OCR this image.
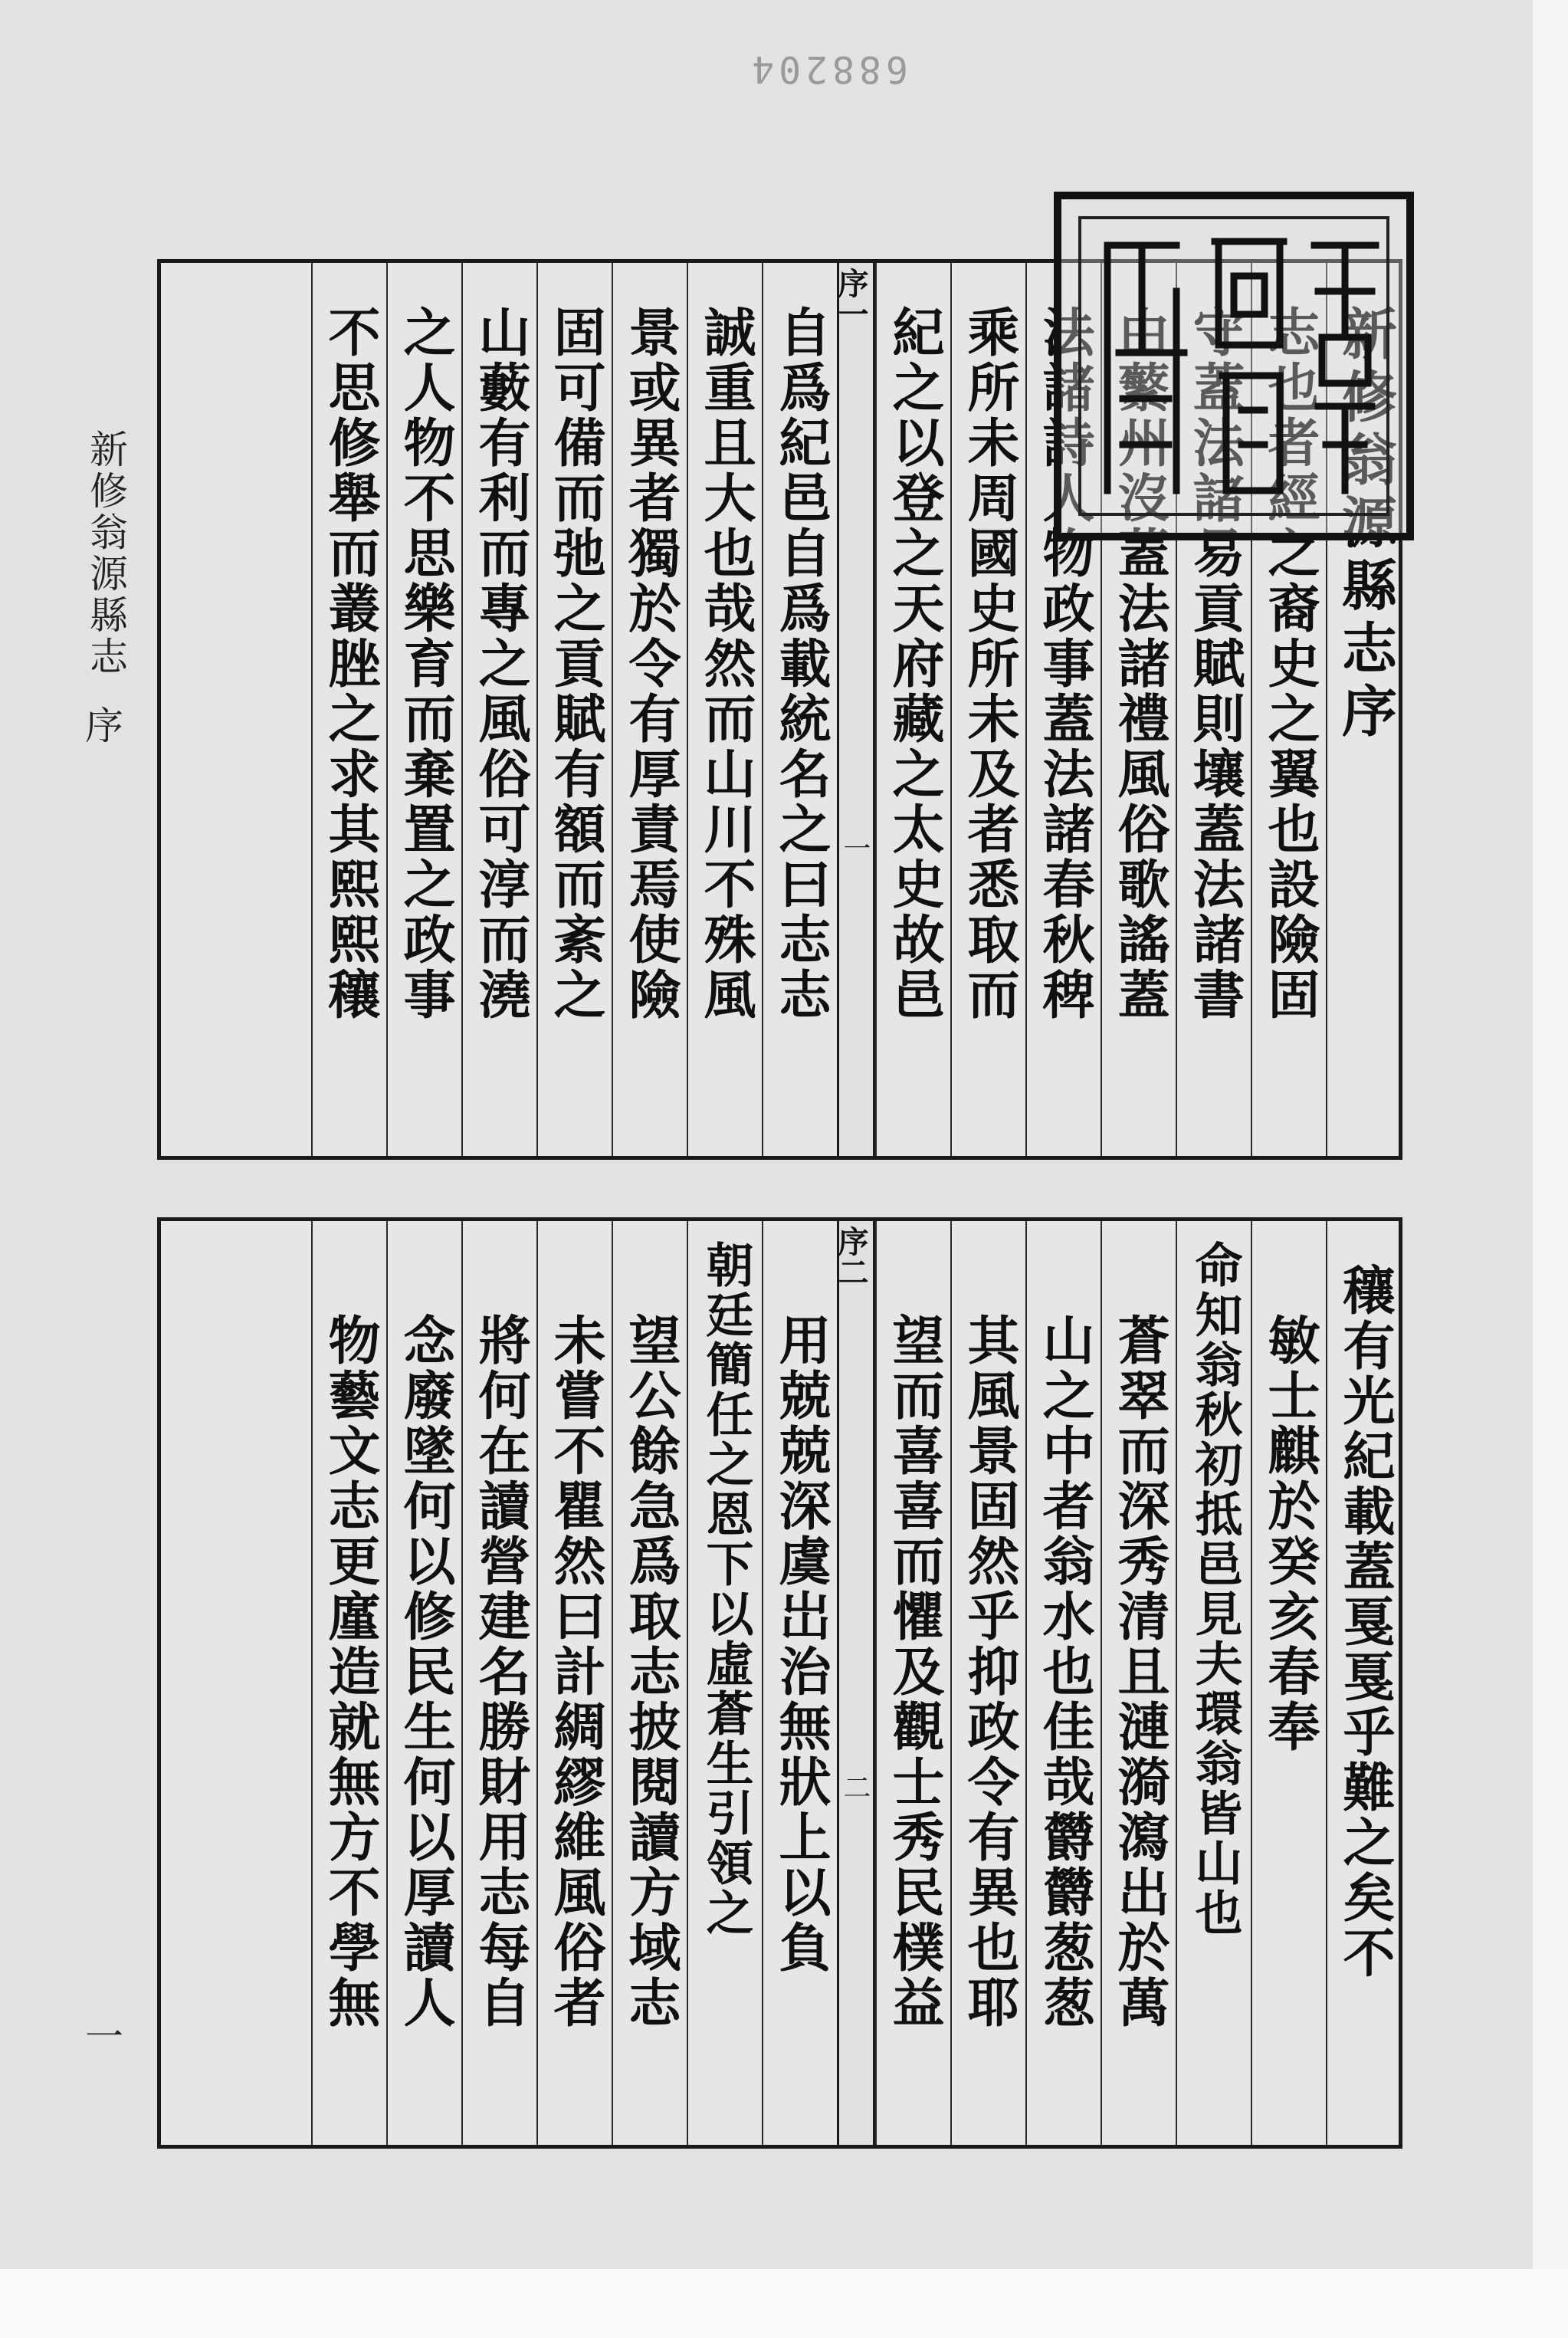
688204
新修翁源縣志
序
一
新修翁源縣志序
志也者經之裔史之翼也設險固
守蓋法諸易貢賦則壤蓋法諸書
由蘩州沒蓋法諸禮風俗歌謠蓋
法諸詩人物政事蓋法諸春秋稗
乘所未周國史所未及者悉取而
紀之以登之天府藏之太史故邑
序一
一
自爲紀邑自爲載統名之曰志志
誠重且大也哉然而山川不殊風
景或異者獨於令有厚責焉使險
固可備而弛之貢賦有額而紊之
山藪有利而專之風俗可淳而澆
之人物不思樂育而棄置之政事
不思修舉而叢脞之求其熙熙穰
穰有光紀載蓋戛戛乎難之矣不
敏士麒於癸亥春奉
命知翁秋初抵邑見夫環翁皆山也
蒼翠而深秀清且漣漪瀉出於萬
山之中者翁水也佳哉欝欝葱葱
其風景固然乎抑政令有異也耶
望而喜喜而懼及觀士秀民樸益
序二
二
用兢兢深虞岀治無狀上以負
朝廷簡任之恩下以虛蒼生引領之
望公餘急爲取志披閱讀方域志
未嘗不瞿然曰計綢繆維風俗者
將何在讀營建名勝財用志每自
念廢墜何以修民生何以厚讀人
物藝文志更廑造就無方不學無
